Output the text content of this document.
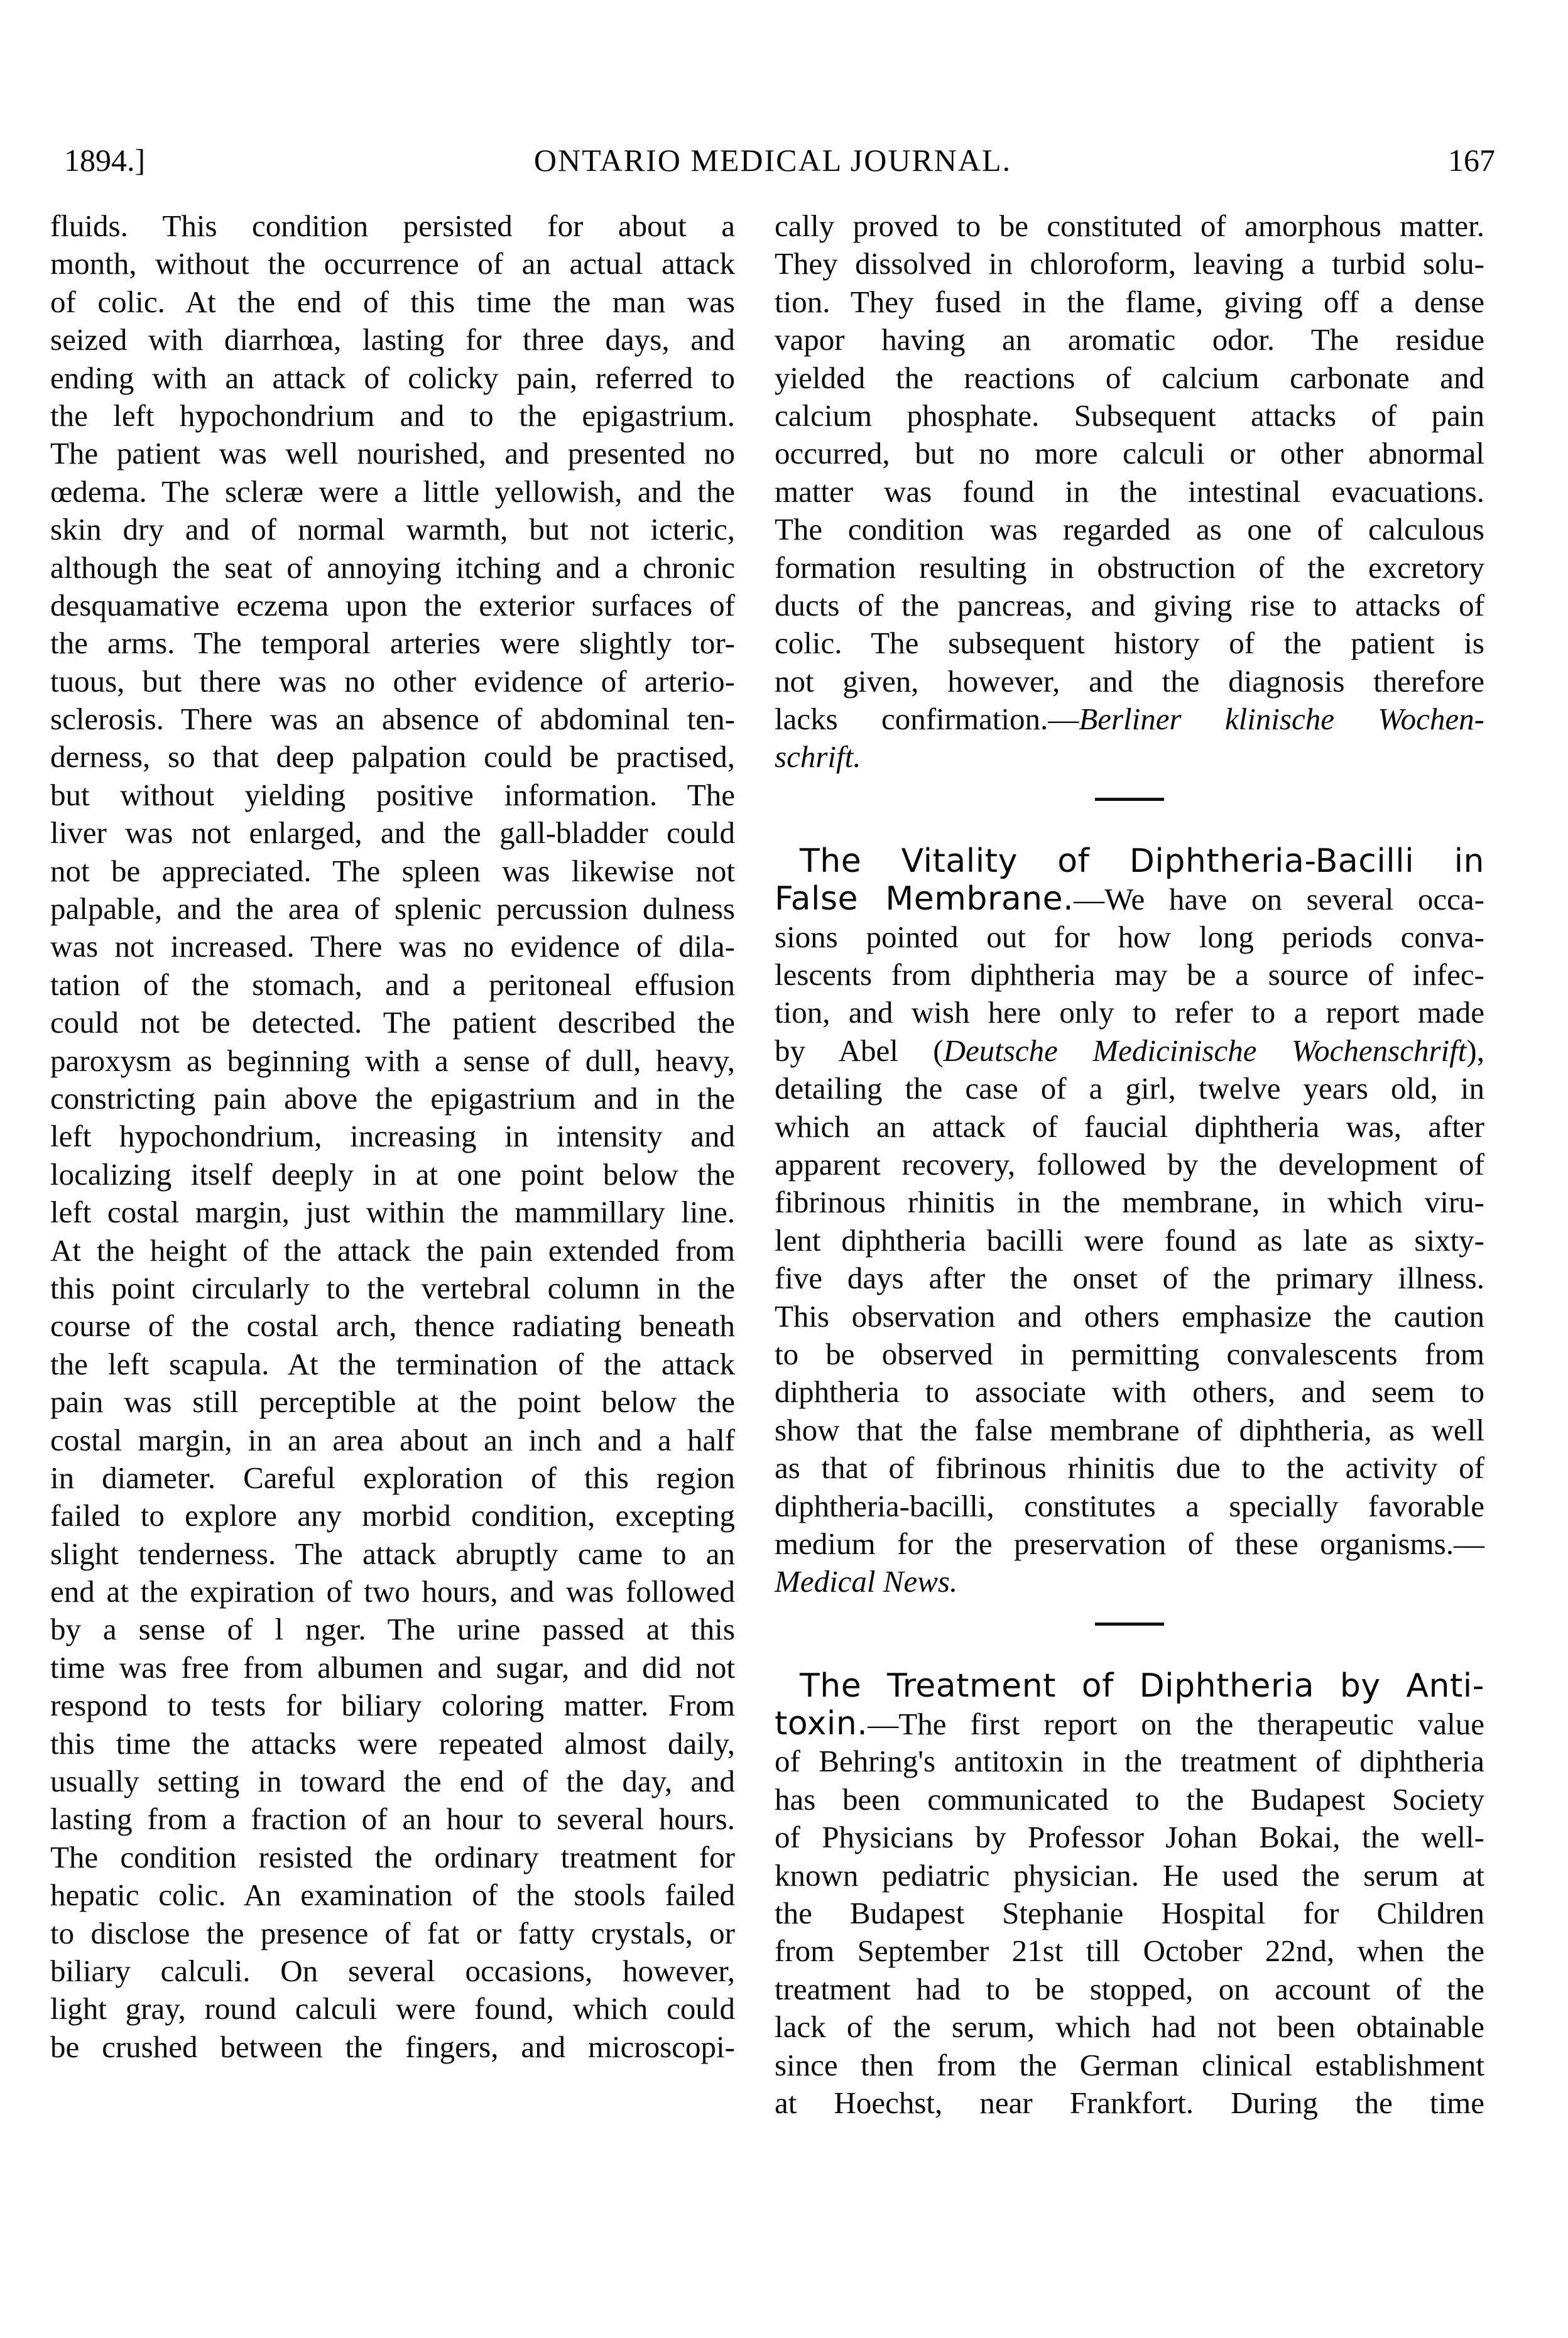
1894.]	ONTARIO MEDICAL JOURNAL.	167
fluids. This condition persisted for about a
month, without the occurrence of an actual attack
of colic. At the end of this time the man was
seized with diarrhœa, lasting for three days, and
ending with an attack of colicky pain, referred to
the left hypochondrium and to the epigastrium.
The patient was well nourished, and presented no
œdema. The scleræ were a little yellowish, and the
skin dry and of normal warmth, but not icteric,
although the seat of annoying itching and a chronic
desquamative eczema upon the exterior surfaces of
the arms. The temporal arteries were slightly tor-
tuous, but there was no other evidence of arterio-
sclerosis. There was an absence of abdominal ten-
derness, so that deep palpation could be practised,
but without yielding positive information. The
liver was not enlarged, and the gall-bladder could
not be appreciated. The spleen was likewise not
palpable, and the area of splenic percussion dulness
was not increased. There was no evidence of dila-
tation of the stomach, and a peritoneal effusion
could not be detected. The patient described the
paroxysm as beginning with a sense of dull, heavy,
constricting pain above the epigastrium and in the
left hypochondrium, increasing in intensity and
localizing itself deeply in at one point below the
left costal margin, just within the mammillary line.
At the height of the attack the pain extended from
this point circularly to the vertebral column in the
course of the costal arch, thence radiating beneath
the left scapula. At the termination of the attack
pain was still perceptible at the point below the
costal margin, in an area about an inch and a half
in diameter. Careful exploration of this region
failed to explore any morbid condition, excepting
slight tenderness. The attack abruptly came to an
end at the expiration of two hours, and was followed
by a sense of l nger. The urine passed at this
time was free from albumen and sugar, and did not
respond to tests for biliary coloring matter. From
this time the attacks were repeated almost daily,
usually setting in toward the end of the day, and
lasting from a fraction of an hour to several hours.
The condition resisted the ordinary treatment for
hepatic colic. An examination of the stools failed
to disclose the presence of fat or fatty crystals, or
biliary calculi. On several occasions, however,
light gray, round calculi were found, which could
be crushed between the fingers, and microscopi-
cally proved to be constituted of amorphous matter.
They dissolved in chloroform, leaving a turbid solu-
tion. They fused in the flame, giving off a dense
vapor having an aromatic odor. The residue
yielded the reactions of calcium carbonate and
calcium phosphate. Subsequent attacks of pain
occurred, but no more calculi or other abnormal
matter was found in the intestinal evacuations.
The condition was regarded as one of calculous
formation resulting in obstruction of the excretory
ducts of the pancreas, and giving rise to attacks of
colic. The subsequent history of the patient is
not given, however, and the diagnosis therefore
lacks confirmation.—Berliner klinische Wochen-
schrift.
The Vitality of Diphtheria-Bacilli in
False Membrane.—We have on several occa-
sions pointed out for how long periods conva-
lescents from diphtheria may be a source of infec-
tion, and wish here only to refer to a report made
by Abel (Deutsche Medicinische Wochenschrift),
detailing the case of a girl, twelve years old, in
which an attack of faucial diphtheria was, after
apparent recovery, followed by the development of
fibrinous rhinitis in the membrane, in which viru-
lent diphtheria bacilli were found as late as sixty-
five days after the onset of the primary illness.
This observation and others emphasize the caution
to be observed in permitting convalescents from
diphtheria to associate with others, and seem to
show that the false membrane of diphtheria, as well
as that of fibrinous rhinitis due to the activity of
diphtheria-bacilli, constitutes a specially favorable
medium for the preservation of these organisms.—
Medical News.
The Treatment of Diphtheria by Anti-
toxin.—The first report on the therapeutic value
of Behring's antitoxin in the treatment of diphtheria
has been communicated to the Budapest Society
of Physicians by Professor Johan Bokai, the well-
known pediatric physician. He used the serum at
the Budapest Stephanie Hospital for Children
from September 21st till October 22nd, when the
treatment had to be stopped, on account of the
lack of the serum, which had not been obtainable
since then from the German clinical establishment
at Hoechst, near Frankfort. During the time
